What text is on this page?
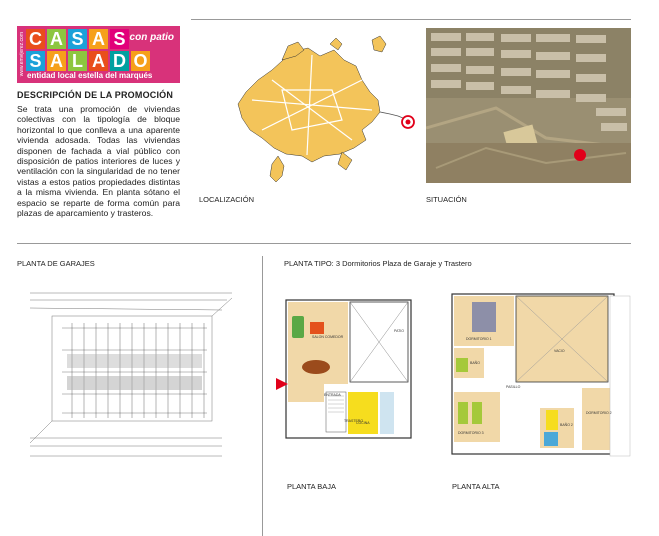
www.emvijerez.com C A S A S
S A L A D O
con patio
entidad local estella del marqués
DESCRIPCIÓN DE LA PROMOCIÓN

Se trata una promoción de viviendas colectivas con la tipología de bloque horizontal lo que conlleva a una aparente vivienda adosada. Todas las viviendas disponen de fachada a vial público con disposición de patios interiores de luces y ventilación con la singularidad de no tener vistas a estos patios propiedades distintas a la misma vivienda. En planta sótano el espacio se reparte de forma común para plazas de aparcamiento y trasteros.

LOCALIZACIÓN	SITUACIÓN
PLANTA DE GARAJES	PLANTA TIPO: 3 Dormitorios Plaza de Garaje y Trastero
SALON COMEDOR
PATIO
ENTRADA
COCINA
TRASTERO
PLANTA BAJA
DORMITORIO 1
BAÑO
VACIO
PASILLO
DORMITORIO 3
BAÑO 2
DORMITORIO 2
PLANTA ALTA
